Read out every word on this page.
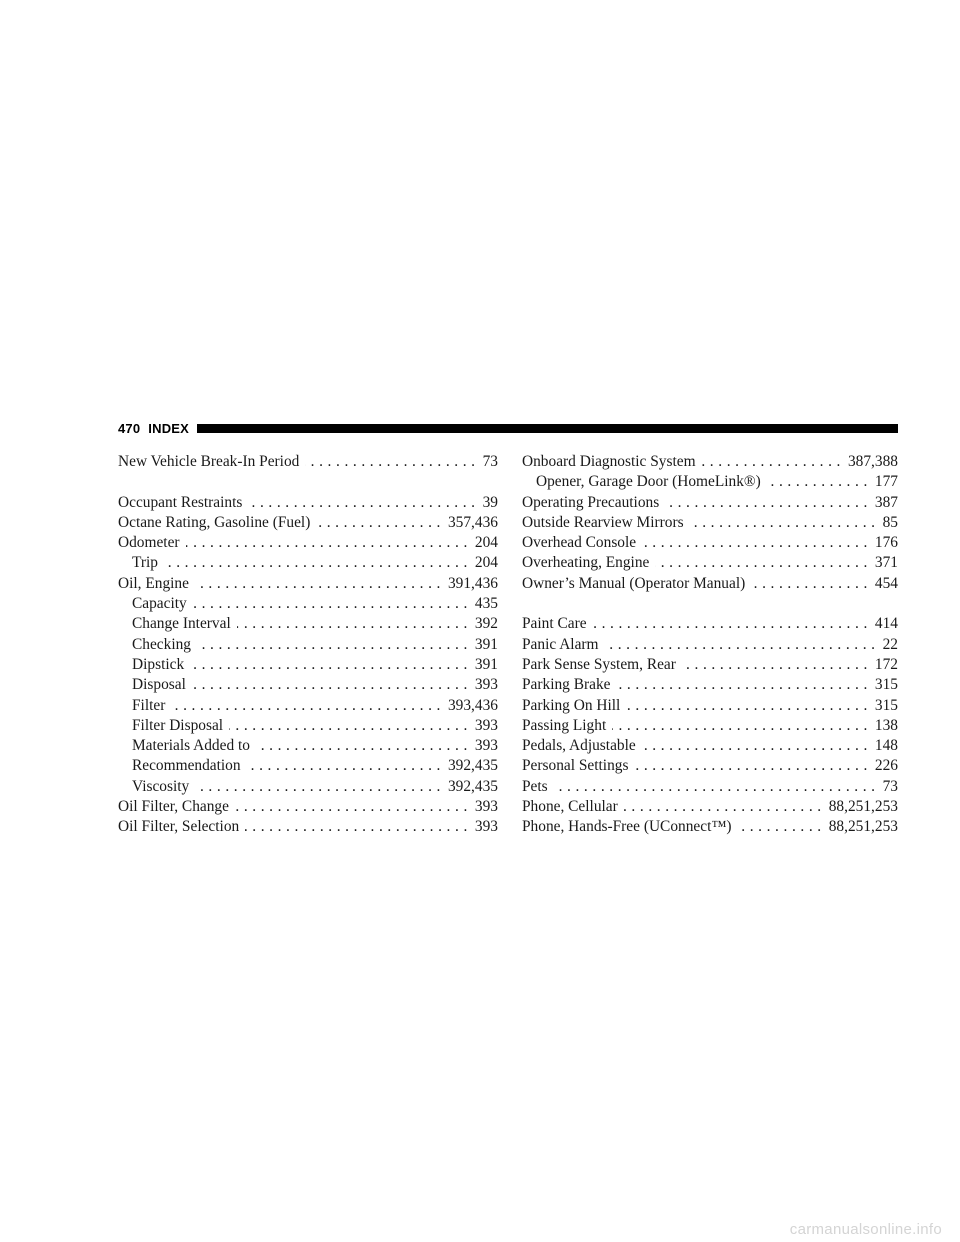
470 INDEX
New Vehicle Break-In Period .....	73
Occupant Restraints .....	39
Octane Rating, Gasoline (Fuel) .....	357,436
Odometer .....	204
Trip .....	204
Oil, Engine .....	391,436
Capacity .....	435
Change Interval .....	392
Checking .....	391
Dipstick .....	391
Disposal .....	393
Filter .....	393,436
Filter Disposal .....	393
Materials Added to .....	393
Recommendation .....	392,435
Viscosity .....	392,435
Oil Filter, Change .....	393
Oil Filter, Selection .....	393
Onboard Diagnostic System .....	387,388
Opener, Garage Door (HomeLink®) .....	177
Operating Precautions .....	387
Outside Rearview Mirrors .....	85
Overhead Console .....	176
Overheating, Engine .....	371
Owner’s Manual (Operator Manual) .....	454
Paint Care .....	414
Panic Alarm .....	22
Park Sense System, Rear .....	172
Parking Brake .....	315
Parking On Hill .....	315
Passing Light .....	138
Pedals, Adjustable .....	148
Personal Settings .....	226
Pets .....	73
Phone, Cellular .....	88,251,253
Phone, Hands-Free (UConnect™) .....	88,251,253
carmanualsonline.info
